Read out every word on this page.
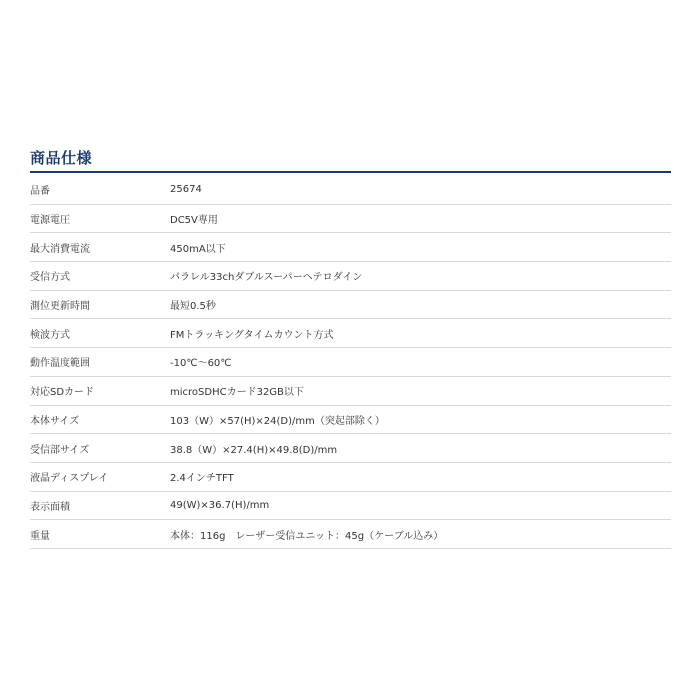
商品仕様
品番	25674
電源電圧	DC5V専用
最大消費電流	450mA以下
受信方式	パラレル33chダブルスーパーヘテロダイン
測位更新時間	最短0.5秒
検波方式	FMトラッキングタイムカウント方式
動作温度範囲	-10℃～60℃
対応SDカード	microSDHCカード32GB以下
本体サイズ	103（W）×57(H)×24(D)/mm（突起部除く）
受信部サイズ	38.8（W）×27.4(H)×49.8(D)/mm
液晶ディスプレイ	2.4インチTFT
表示面積	49(W)×36.7(H)/mm
重量	本体：116g　レーザー受信ユニット：45g（ケーブル込み）
